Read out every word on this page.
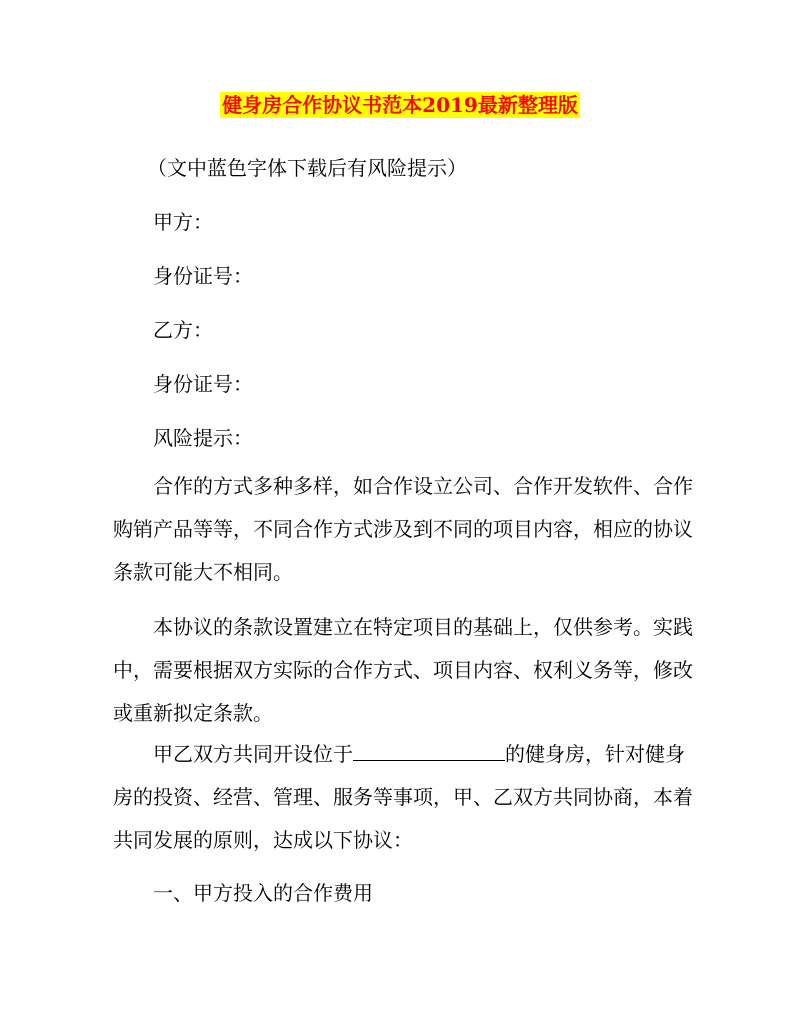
健身房合作协议书范本2019最新整理版
（文中蓝色字体下载后有风险提示）
甲方：
身份证号：
乙方：
身份证号：
风险提示：
合作的方式多种多样，如合作设立公司、合作开发软件、合作购销产品等等，不同合作方式涉及到不同的项目内容，相应的协议条款可能大不相同。
本协议的条款设置建立在特定项目的基础上，仅供参考。实践中，需要根据双方实际的合作方式、项目内容、权利义务等，修改或重新拟定条款。
甲乙双方共同开设位于	的健身房，针对健身房的投资、经营、管理、服务等事项，甲、乙双方共同协商，本着共同发展的原则，达成以下协议：
一、甲方投入的合作费用
